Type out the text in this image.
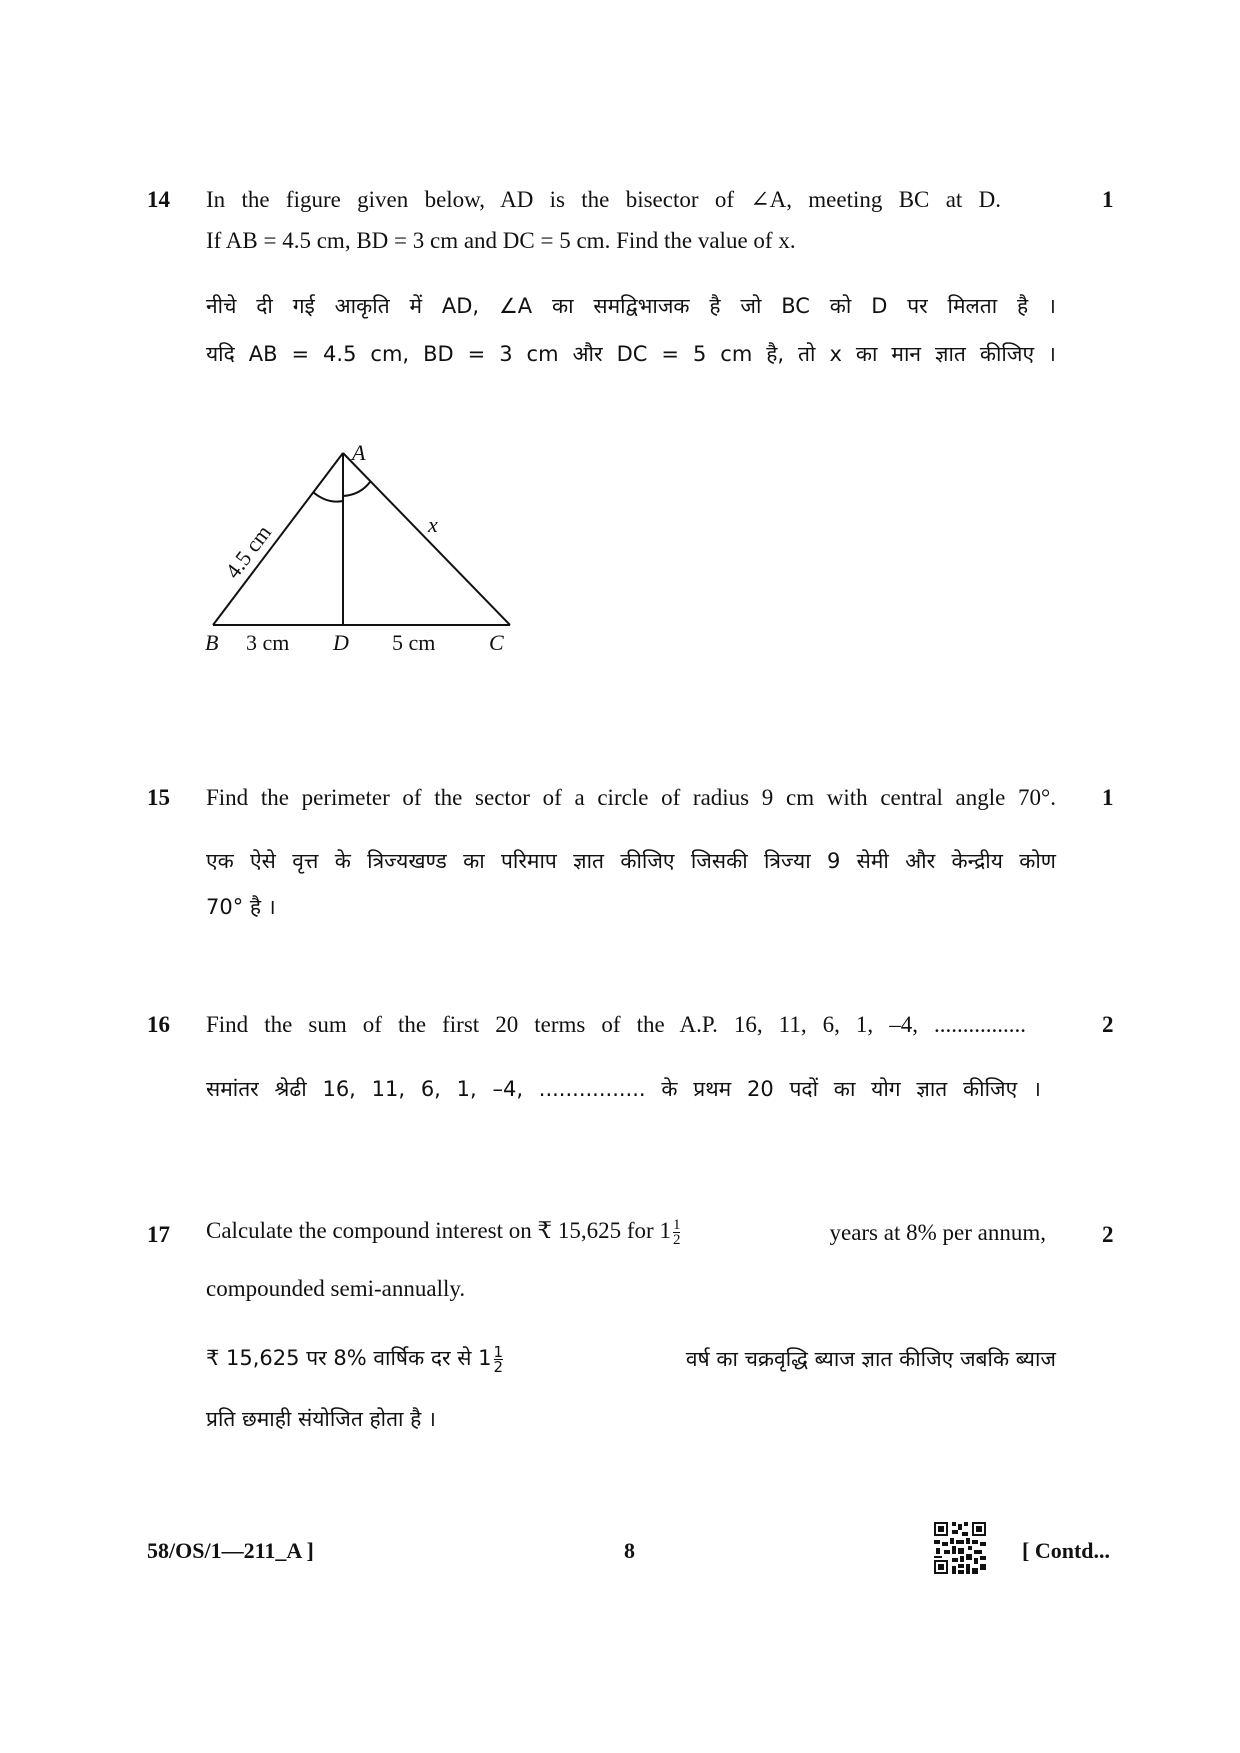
14	1
In the figure given below, AD is the bisector of ∠A, meeting BC at D.
If AB = 4.5 cm, BD = 3 cm and DC = 5 cm. Find the value of x.
नीचे दी गई आकृति में AD, ∠A का समद्विभाजक है जो BC को D पर मिलता है ।
यदि AB = 4.5 cm, BD = 3 cm और DC = 5 cm है, तो x का मान ज्ञात कीजिए ।
A
B	C
D
x
4.5 cm
3 cm	5 cm
15	1
Find the perimeter of the sector of a circle of radius 9 cm with central angle 70°.
एक ऐसे वृत्त के त्रिज्यखण्ड का परिमाप ज्ञात कीजिए जिसकी त्रिज्या 9 सेमी और केन्द्रीय कोण
70° है ।
16	2
Find the sum of the first 20 terms of the A.P. 16, 11, 6, 1, –4, ................
समांतर श्रेढी 16, 11, 6, 1, –4, ................ के प्रथम 20 पदों का योग ज्ञात कीजिए ।
17	2
Calculate the compound interest on ₹ 15,625 for $1 \frac{1}{2}$	years at 8% per annum,
compounded semi-annually.
₹ 15,625 पर 8% वार्षिक दर से $1 \frac{1}{2}$	वर्ष का चक्रवृद्धि ब्याज ज्ञात कीजिए जबकि ब्याज
प्रति छमाही संयोजित होता है ।
58/OS/1—211_A ]	8	[ Contd...
